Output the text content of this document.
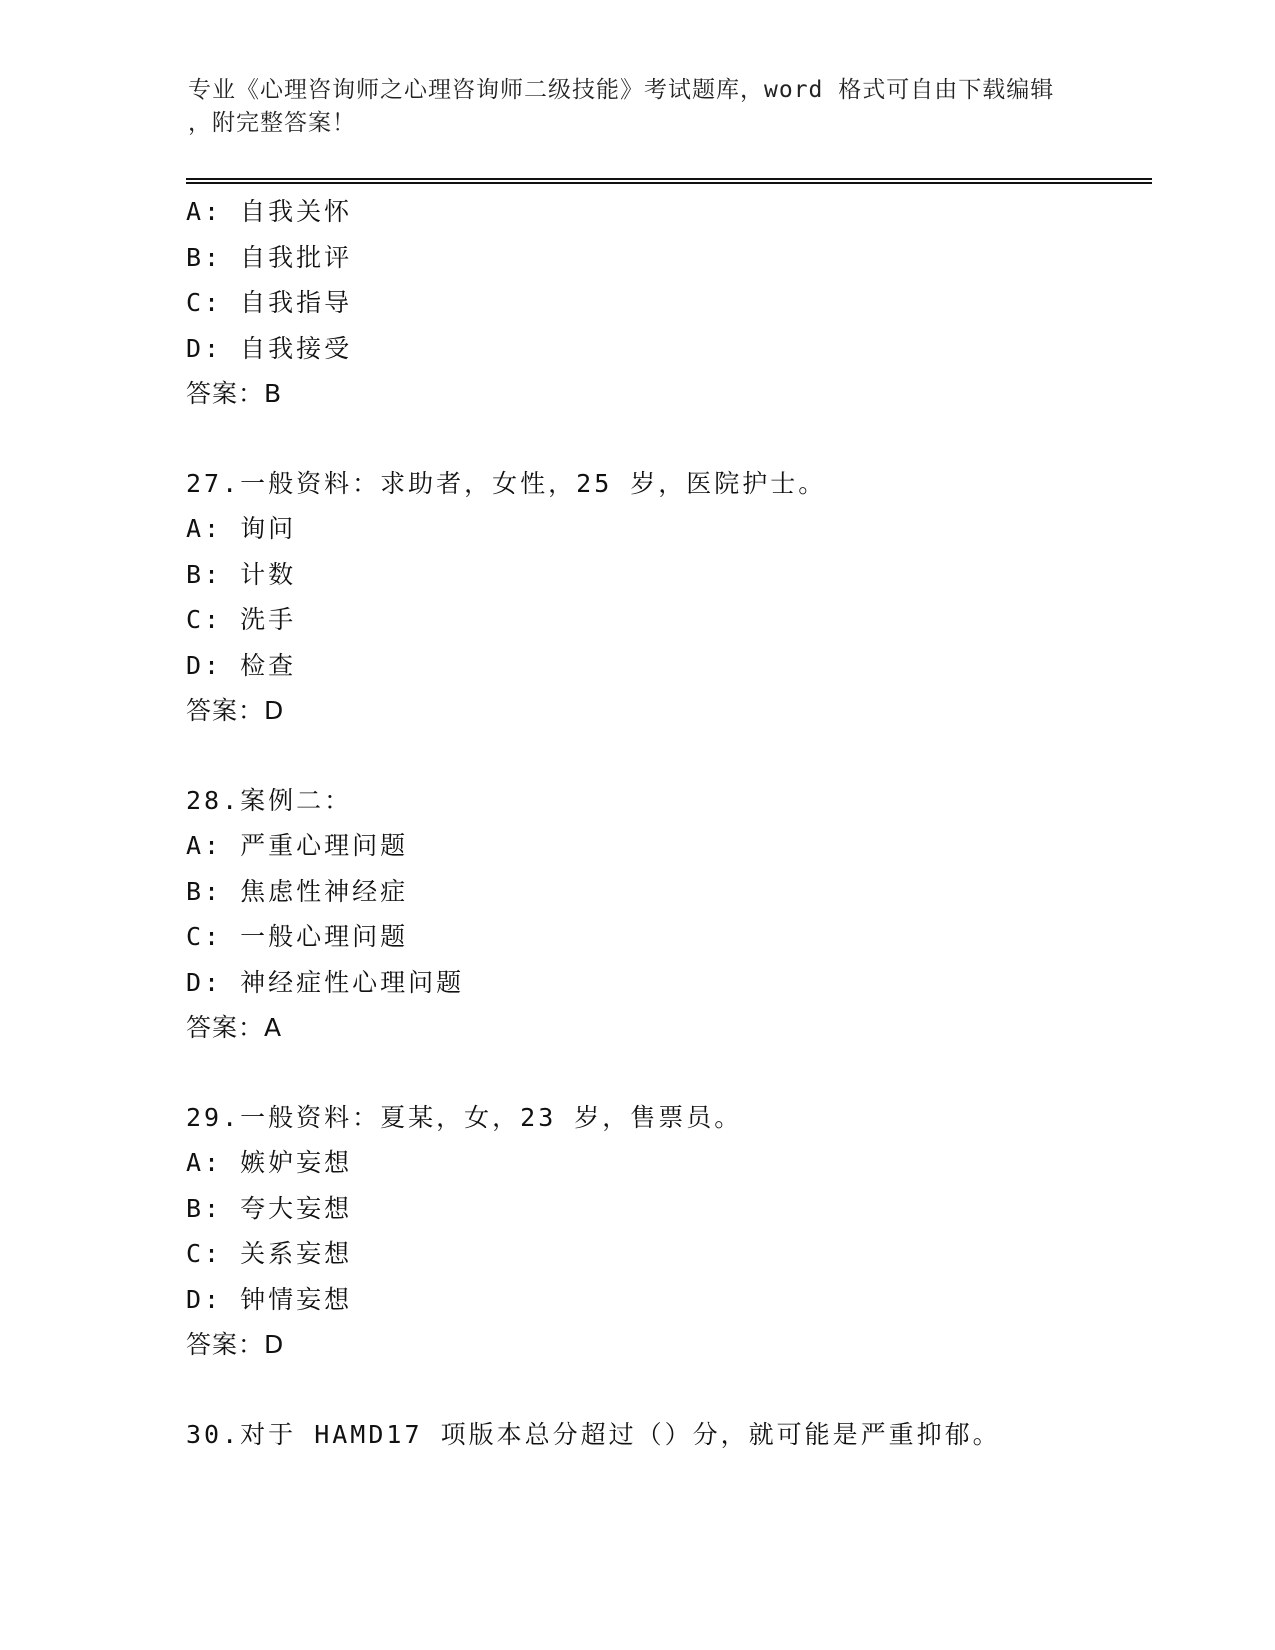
专业《心理咨询师之心理咨询师二级技能》考试题库，word 格式可自由下载编辑
，附完整答案！
A: 自我关怀
B: 自我批评
C: 自我指导
D: 自我接受
答案：B
27.一般资料：求助者，女性，25 岁，医院护士。
A: 询问
B: 计数
C: 洗手
D: 检查
答案：D
28.案例二：
A: 严重心理问题
B: 焦虑性神经症
C: 一般心理问题
D: 神经症性心理问题
答案：A
29.一般资料：夏某，女，23 岁，售票员。
A: 嫉妒妄想
B: 夸大妄想
C: 关系妄想
D: 钟情妄想
答案：D
30.对于 HAMD17 项版本总分超过（）分，就可能是严重抑郁。
